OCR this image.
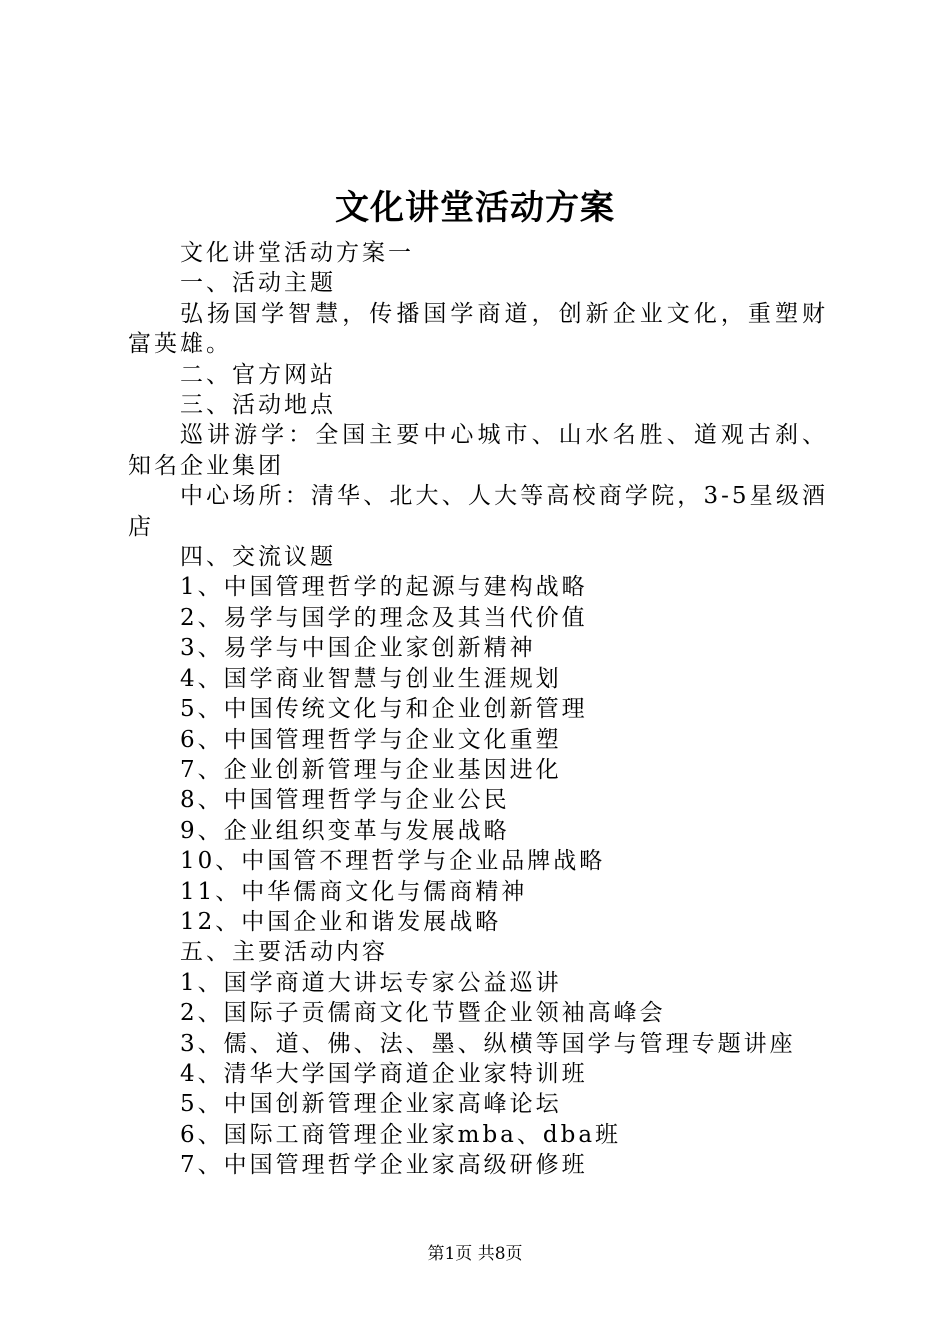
文化讲堂活动方案

文化讲堂活动方案一

一、活动主题

弘扬国学智慧，传播国学商道，创新企业文化，重塑财富英雄。

二、官方网站

三、活动地点

巡讲游学：全国主要中心城市、山水名胜、道观古刹、知名企业集团

中心场所：清华、北大、人大等高校商学院，3-5星级酒店

四、交流议题

1、中国管理哲学的起源与建构战略

2、易学与国学的理念及其当代价值

3、易学与中国企业家创新精神

4、国学商业智慧与创业生涯规划

5、中国传统文化与和企业创新管理

6、中国管理哲学与企业文化重塑

7、企业创新管理与企业基因进化

8、中国管理哲学与企业公民

9、企业组织变革与发展战略

10、中国管不理哲学与企业品牌战略

11、中华儒商文化与儒商精神

12、中国企业和谐发展战略

五、主要活动内容

1、国学商道大讲坛专家公益巡讲

2、国际子贡儒商文化节暨企业领袖高峰会

3、儒、道、佛、法、墨、纵横等国学与管理专题讲座

4、清华大学国学商道企业家特训班

5、中国创新管理企业家高峰论坛

6、国际工商管理企业家mba、dba班

7、中国管理哲学企业家高级研修班

第1页 共8页
